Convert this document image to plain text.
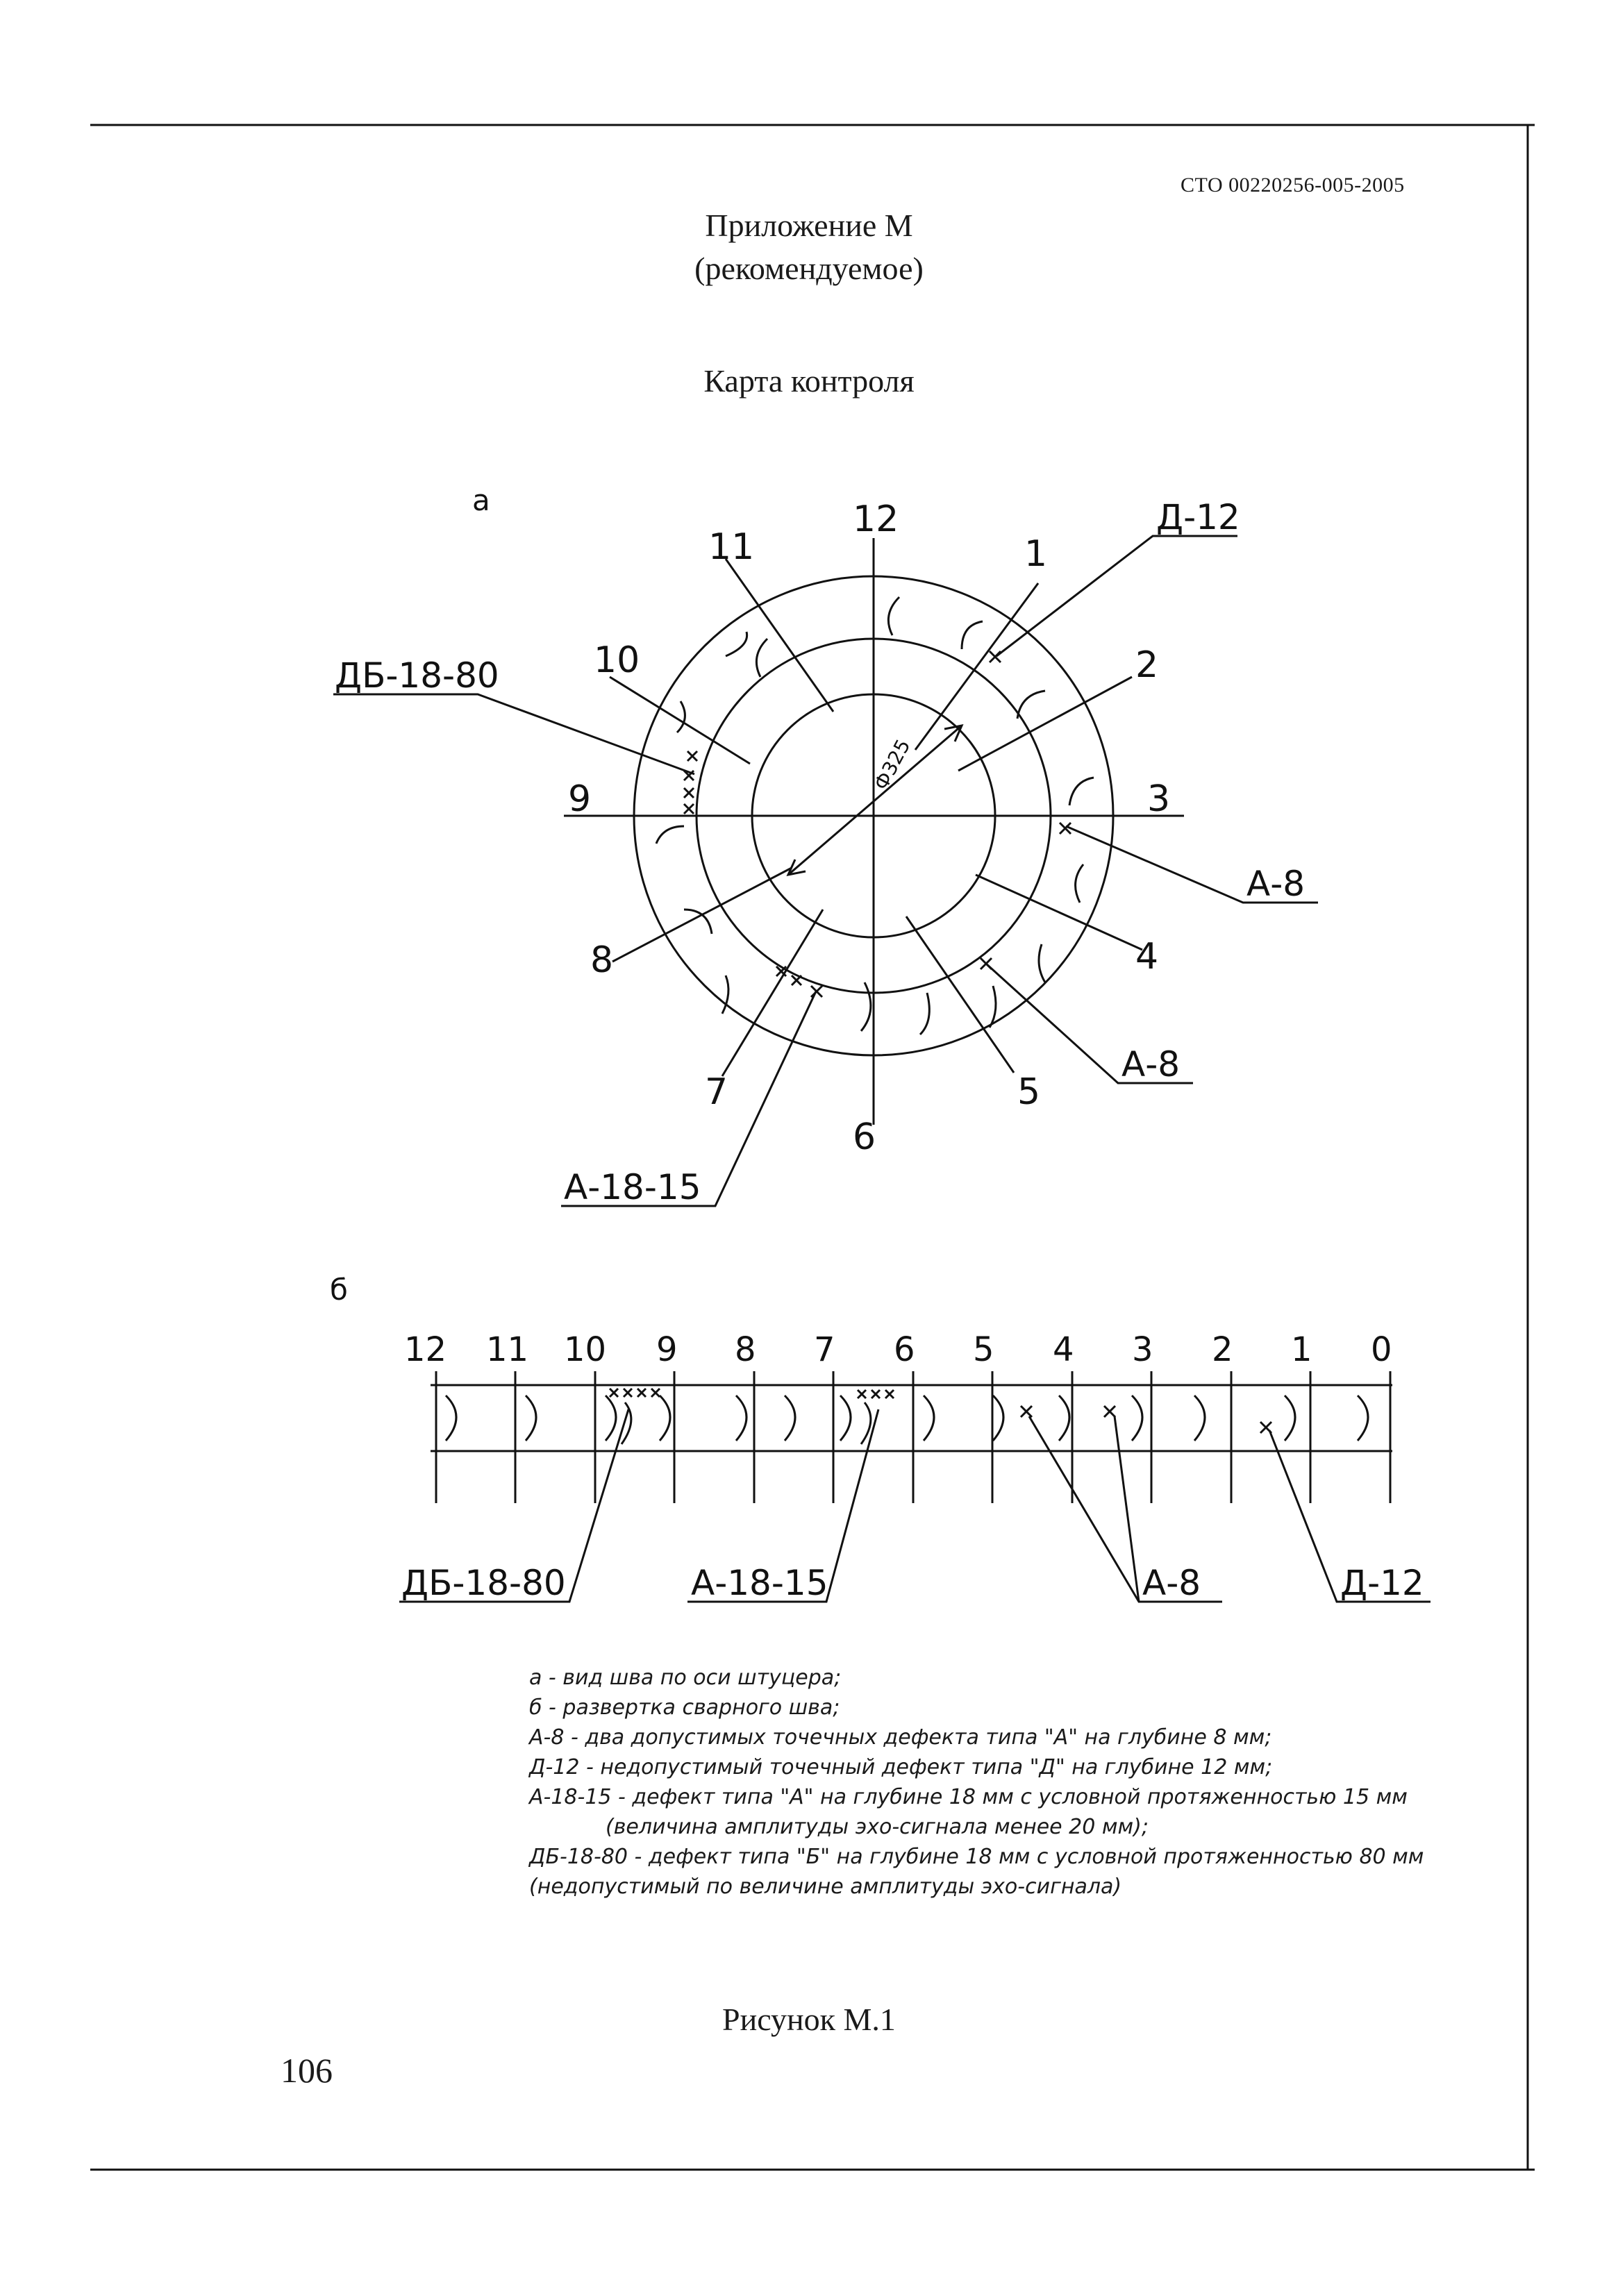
а	12
1
2
3
4
5
6
7
8
9
10
11
Ф325
Д-12
ДБ-18-80
А-8
А-8
А-18-15
б
12 11 10 9 8 7 6 5 4 3 2 1 0
ДБ-18-80	А-18-15	А-8	Д-12
СТО 00220256-005-2005
Приложение М
(рекомендуемое)
Карта контроля
а - вид шва по оси штуцера;
б - развертка сварного шва;
А-8 - два допустимых точечных дефекта типа "А" на глубине 8 мм;
Д-12 - недопустимый точечный дефект типа "Д" на глубине 12 мм;
А-18-15 - дефект типа "А" на глубине 18 мм с условной протяженностью 15 мм
(величина амплитуды эхо-сигнала менее 20 мм);
ДБ-18-80 - дефект типа "Б" на глубине 18 мм с условной протяженностью 80 мм
(недопустимый по величине амплитуды эхо-сигнала)
Рисунок М.1
106
